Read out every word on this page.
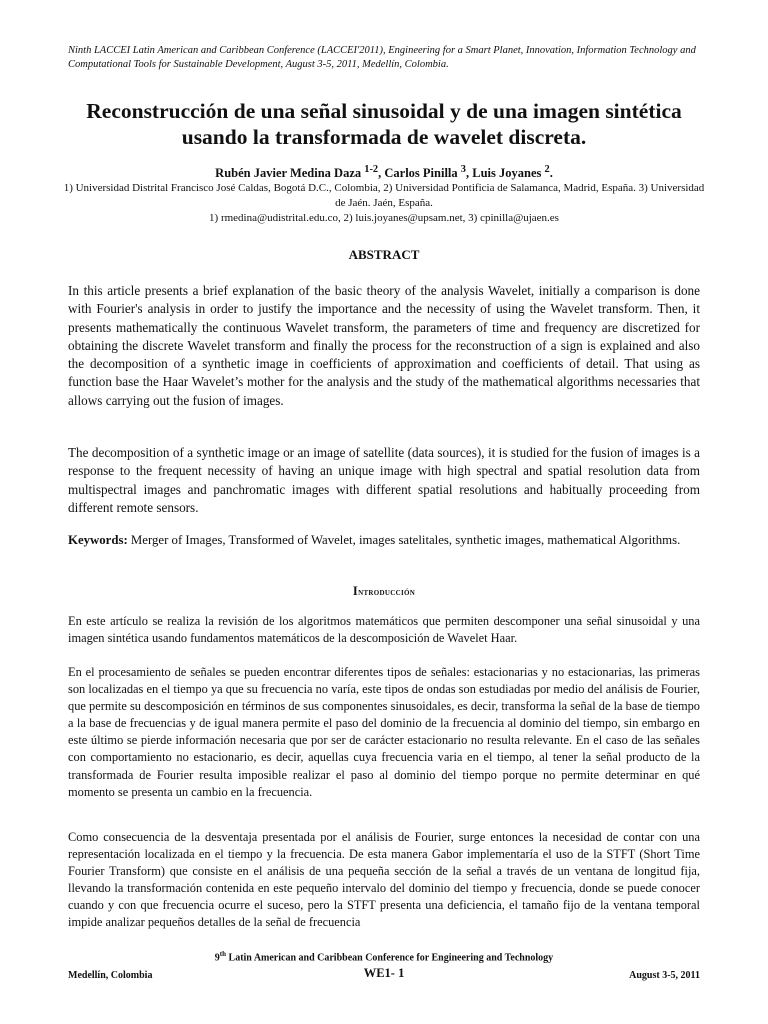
Ninth LACCEI Latin American and Caribbean Conference (LACCEI'2011), Engineering for a Smart Planet, Innovation, Information Technology and Computational Tools for Sustainable Development, August 3-5, 2011, Medellín, Colombia.

Reconstrucción de una señal sinusoidal y de una imagen sintética usando la transformada de wavelet discreta.

Rubén Javier Medina Daza $^{1-2}$, Carlos Pinilla $^3$, Luis Joyanes $^2$.

1) Universidad Distrital Francisco José Caldas, Bogotá D.C., Colombia, 2) Universidad Pontificia de Salamanca, Madrid, España. 3) Universidad de Jaén. Jaén, España.
1) rmedina@udistrital.edu.co, 2) luis.joyanes@upsam.net, 3) cpinilla@ujaen.es
ABSTRACT

In this article presents a brief explanation of the basic theory of the analysis Wavelet, initially a comparison is done with Fourier's analysis in order to justify the importance and the necessity of using the Wavelet transform. Then, it presents mathematically the continuous Wavelet transform, the parameters of time and frequency are discretized for obtaining the discrete Wavelet transform and finally the process for the reconstruction of a sign is explained and also the decomposition of a synthetic image in coefficients of approximation and coefficients of detail. That using as function base the Haar Wavelet’s mother for the analysis and the study of the mathematical algorithms necessaries that allows carrying out the fusion of images.

The decomposition of a synthetic image or an image of satellite (data sources), it is studied for the fusion of images is a response to the frequent necessity of having an unique image with high spectral and spatial resolution data from multispectral images and panchromatic images with different spatial resolutions and habitually proceeding from different remote sensors.

Keywords: Merger of Images, Transformed of Wavelet, images satelitales, synthetic images, mathematical Algorithms.

Introducción

En este artículo se realiza la revisión de los algoritmos matemáticos que permiten descomponer una señal sinusoidal y una imagen sintética usando fundamentos matemáticos de la descomposición de Wavelet Haar.

En el procesamiento de señales se pueden encontrar diferentes tipos de señales: estacionarias y no estacionarias, las primeras son localizadas en el tiempo ya que su frecuencia no varía, este tipos de ondas son estudiadas por medio del análisis de Fourier, que permite su descomposición en términos de sus componentes sinusoidales, es decir, transforma la señal de la base de tiempo a la base de frecuencias y de igual manera permite el paso del dominio de la frecuencia al dominio del tiempo, sin embargo en este último se pierde información necesaria que por ser de carácter estacionario no resulta relevante. En el caso de las señales con comportamiento no estacionario, es decir, aquellas cuya frecuencia varia en el tiempo, al tener la señal producto de la transformada de Fourier resulta imposible realizar el paso al dominio del tiempo porque no permite determinar en qué momento se presenta un cambio en la frecuencia.

Como consecuencia de la desventaja presentada por el análisis de Fourier, surge entonces la necesidad de contar con una representación localizada en el tiempo y la frecuencia. De esta manera Gabor implementaría el uso de la STFT (Short Time Fourier Transform) que consiste en el análisis de una pequeña sección de la señal a través de un ventana de longitud fija, llevando la transformación contenida en este pequeño intervalo del dominio del tiempo y frecuencia, donde se puede conocer cuando y con que frecuencia ocurre el suceso, pero la STFT presenta una deficiencia, el tamaño fijo de la ventana temporal impide analizar pequeños detalles de la señal de frecuencia

9th Latin American and Caribbean Conference for Engineering and Technology

Medellín, Colombia	WE1- 1	August 3-5, 2011
